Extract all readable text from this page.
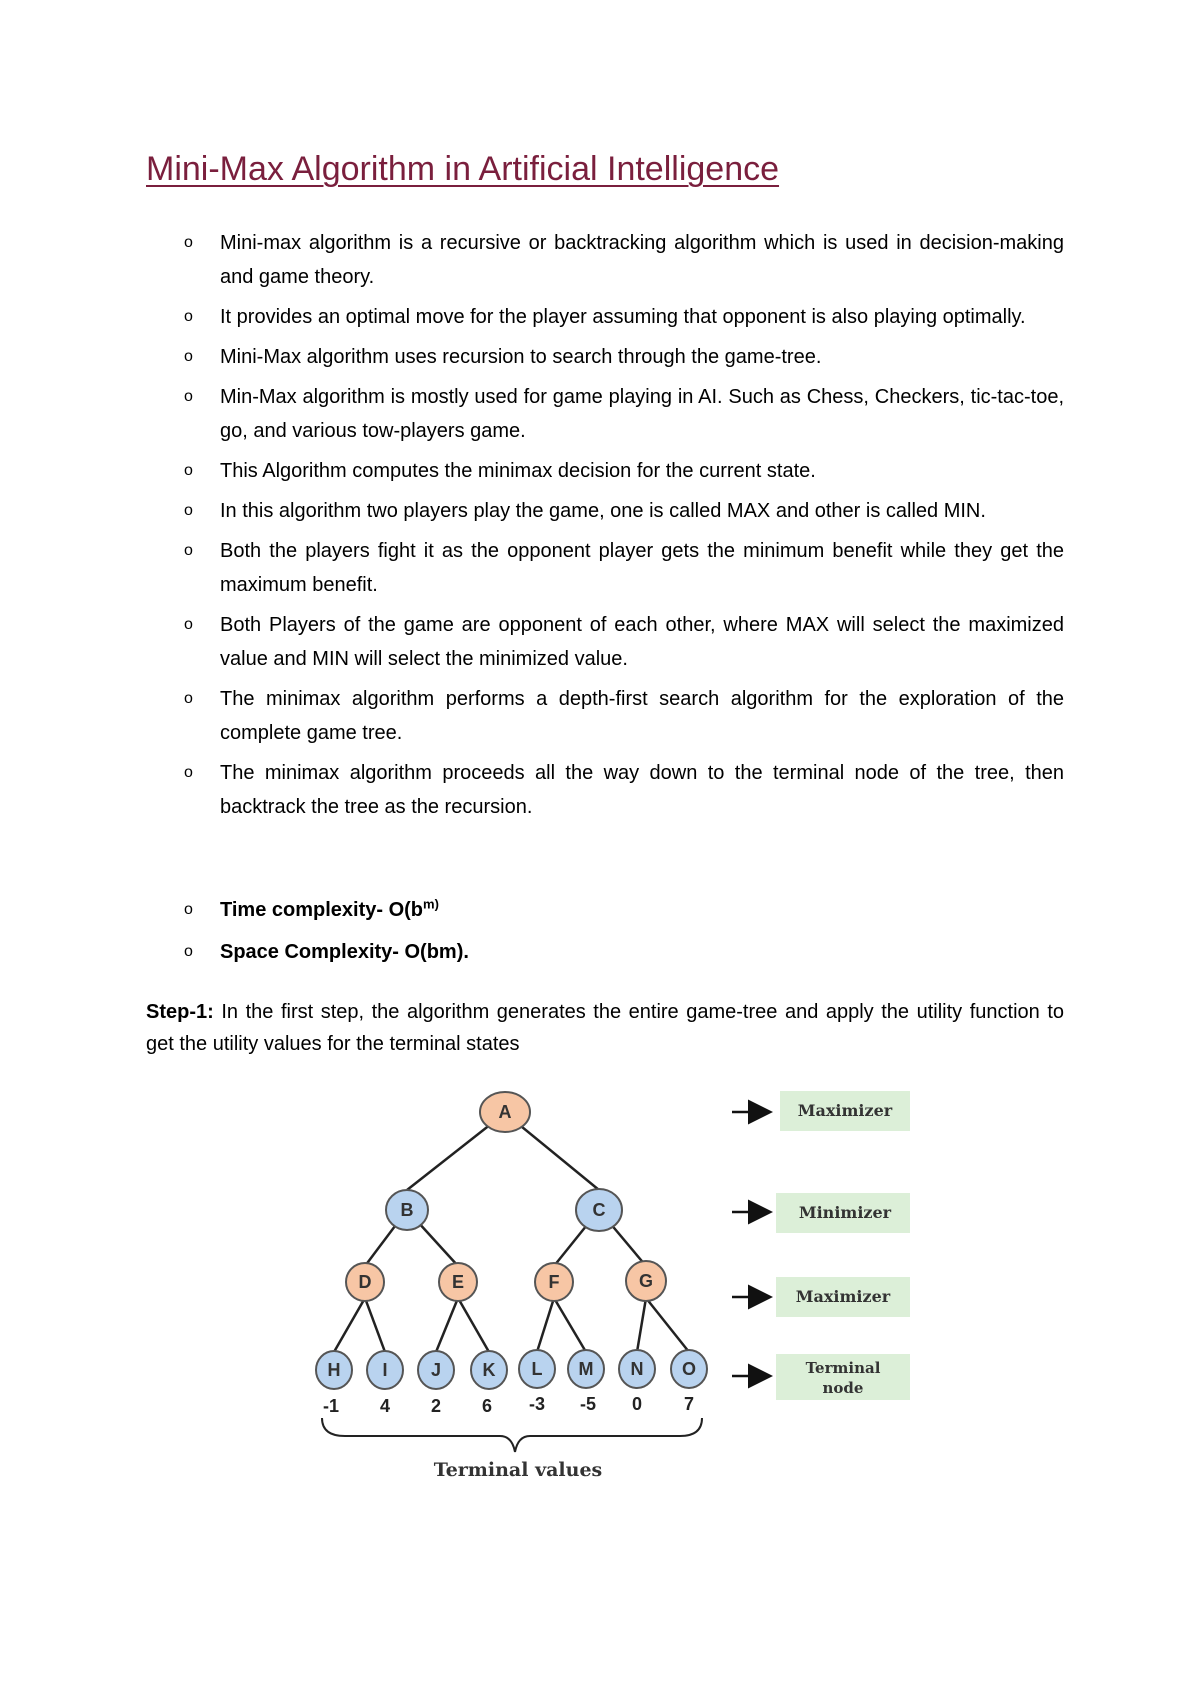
Mini-Max Algorithm in Artificial Intelligence
o Mini-max algorithm is a recursive or backtracking algorithm which is used in decision-making and game theory.
o It provides an optimal move for the player assuming that opponent is also playing optimally.
o Mini-Max algorithm uses recursion to search through the game-tree.
o Min-Max algorithm is mostly used for game playing in AI. Such as Chess, Checkers, tic-tac-toe, go, and various tow-players game.
o This Algorithm computes the minimax decision for the current state.
o In this algorithm two players play the game, one is called MAX and other is called MIN.
o Both the players fight it as the opponent player gets the minimum benefit while they get the maximum benefit.
o Both Players of the game are opponent of each other, where MAX will select the maximized value and MIN will select the minimized value.
o The minimax algorithm performs a depth-first search algorithm for the exploration of the complete game tree.
o The minimax algorithm proceeds all the way down to the terminal node of the tree, then backtrack the tree as the recursion.
o Time complexity- $O(b^{m)}$
o Space Complexity- O(bm).

Step-1: In the first step, the algorithm generates the entire game-tree and apply the utility function to get the utility values for the terminal states

A
B	C
D	E	F	G
H I J K L M N O
-1 4 2 6 -3 -5 0 7
Terminal values
Maximizer
Minimizer
Maximizer
Terminal
node
